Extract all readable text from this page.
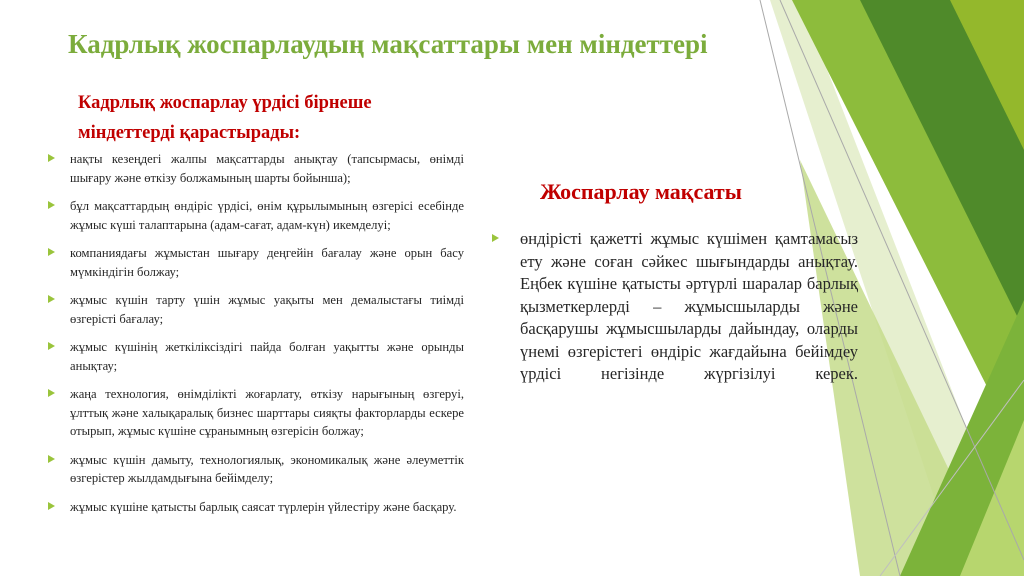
Кадрлық жоспарлаудың мақсаттары мен міндеттері
Кадрлық жоспарлау үрдісі бірнеше міндеттерді қарастырады:
нақты кезеңдегі жалпы мақсаттарды анықтау (тапсырмасы, өнімді шығару және өткізу болжамының шарты бойынша);
бұл мақсаттардың өндіріс үрдісі, өнім құрылымының өзгерісі есебінде жұмыс күші талаптарына (адам-сағат, адам-күн) икемделуі;
компаниядағы жұмыстан шығару деңгейін бағалау және орын басу мүмкіндігін болжау;
жұмыс күшін тарту үшін жұмыс уақыты мен демалыстағы тиімді өзгерісті бағалау;
жұмыс күшінің жеткіліксіздігі пайда болған уақытты және орынды анықтау;
жаңа технология, өнімділікті жоғарлату, өткізу нарығының өзгеруі, ұлттық және халықаралық бизнес шарттары сияқты факторларды ескере отырып, жұмыс күшіне сұранымның өзгерісін болжау;
жұмыс күшін дамыту, технологиялық, экономикалық және әлеуметтік өзгерістер жылдамдығына бейімделу;
жұмыс күшіне қатысты барлық саясат түрлерін үйлестіру және басқару.
Жоспарлау мақсаты
өндірісті қажетті жұмыс күшімен қамтамасыз ету және соған сәйкес шығындарды анықтау. Еңбек күшіне қатысты әртүрлі шаралар барлық қызметкерлерді – жұмысшыларды және басқарушы жұмысшыларды дайындау, оларды үнемі өзгерістегі өндіріс жағдайына бейімдеу үрдісі негізінде жүргізілуі керек.
